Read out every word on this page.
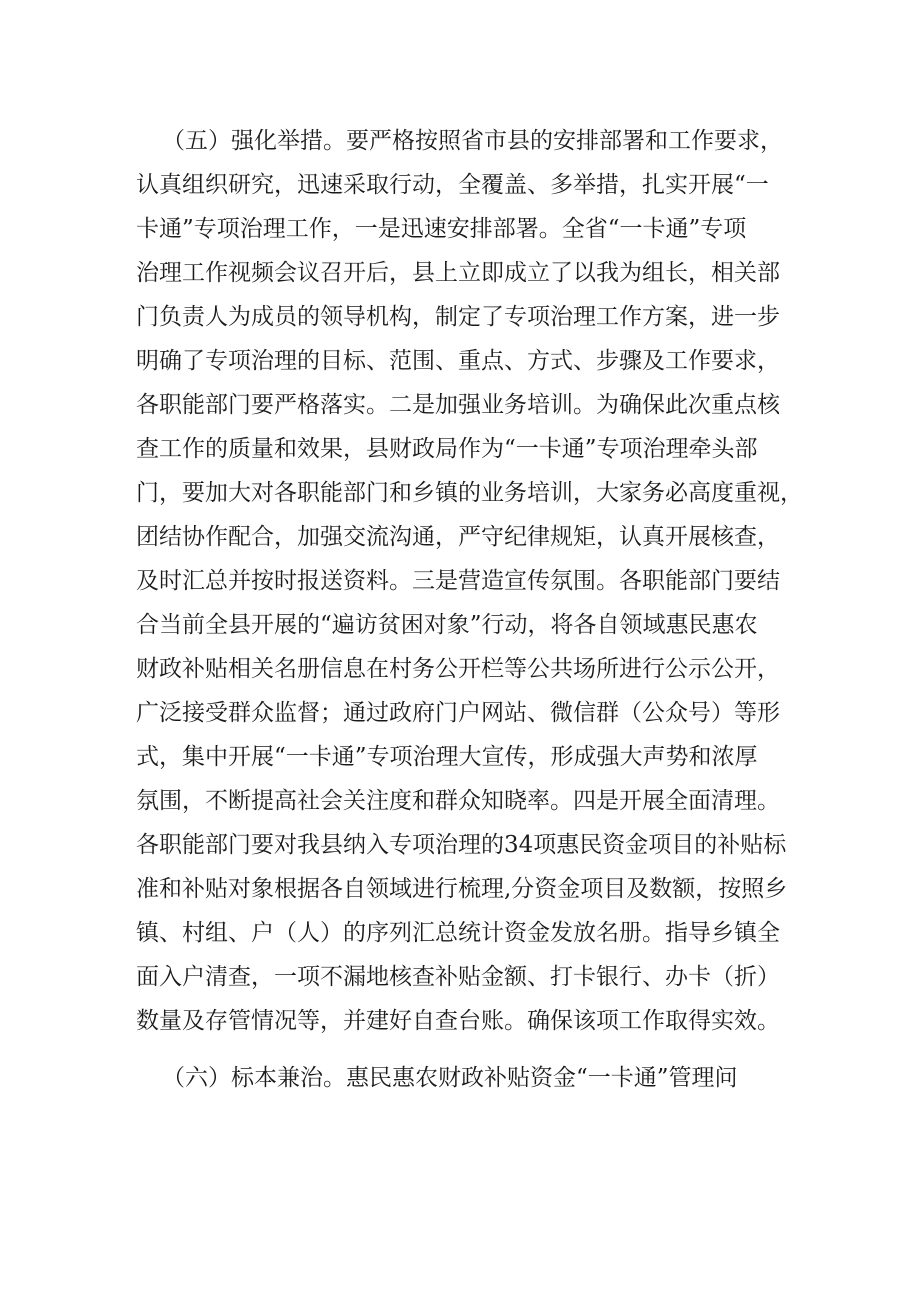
（五）强化举措。要严格按照省市县的安排部署和工作要求，
认真组织研究，迅速采取行动，全覆盖、多举措，扎实开展“一
卡通”专项治理工作，一是迅速安排部署。全省“一卡通”专项
治理工作视频会议召开后，县上立即成立了以我为组长，相关部
门负责人为成员的领导机构，制定了专项治理工作方案，进一步
明确了专项治理的目标、范围、重点、方式、步骤及工作要求，
各职能部门要严格落实。二是加强业务培训。为确保此次重点核
查工作的质量和效果，县财政局作为“一卡通”专项治理牵头部
门，要加大对各职能部门和乡镇的业务培训，大家务必高度重视，
团结协作配合，加强交流沟通，严守纪律规矩，认真开展核查，
及时汇总并按时报送资料。三是营造宣传氛围。各职能部门要结
合当前全县开展的“遍访贫困对象”行动，将各自领域惠民惠农
财政补贴相关名册信息在村务公开栏等公共场所进行公示公开，
广泛接受群众监督；通过政府门户网站、微信群（公众号）等形
式，集中开展“一卡通”专项治理大宣传，形成强大声势和浓厚
氛围，不断提高社会关注度和群众知晓率。四是开展全面清理。
各职能部门要对我县纳入专项治理的34项惠民资金项目的补贴标
准和补贴对象根据各自领域进行梳理,分资金项目及数额，按照乡
镇、村组、户（人）的序列汇总统计资金发放名册。指导乡镇全
面入户清查，一项不漏地核查补贴金额、打卡银行、办卡（折）
数量及存管情况等，并建好自查台账。确保该项工作取得实效。
（六）标本兼治。惠民惠农财政补贴资金“一卡通”管理问
